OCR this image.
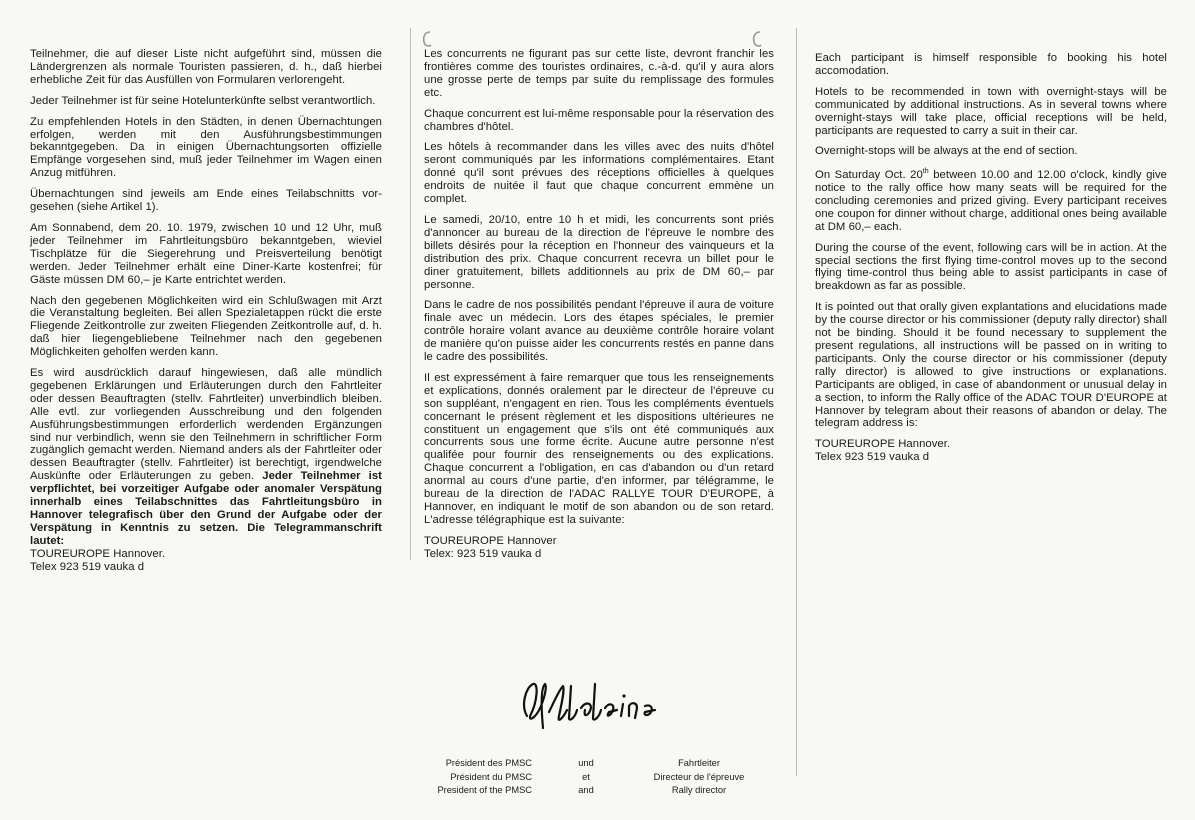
Teilnehmer, die auf dieser Liste nicht aufgeführt sind, müssen die Ländergrenzen als normale Touristen passieren, d. h., daß hierbei erhebliche Zeit für das Ausfüllen von Formularen verlorengeht.

Jeder Teilnehmer ist für seine Hotelunterkünfte selbst verantwortlich.

Zu empfehlenden Hotels in den Städten, in denen Übernachtungen erfolgen, werden mit den Ausführungsbestimmungen bekanntgegeben. Da in einigen Übernachtungsorten offizielle Empfänge vorgesehen sind, muß jeder Teilnehmer im Wagen einen Anzug mitführen.

Übernachtungen sind jeweils am Ende eines Teilabschnitts vorgesehen (siehe Artikel 1).

Am Sonnabend, dem 20. 10. 1979, zwischen 10 und 12 Uhr, muß jeder Teilnehmer im Fahrtleitungsbüro bekanntgeben, wieviel Tischplätze für die Siegerehrung und Preisverteilung benötigt werden. Jeder Teilnehmer erhält eine Diner-Karte kostenfrei; für Gäste müssen DM 60,– je Karte entrichtet werden.

Nach den gegebenen Möglichkeiten wird ein Schlußwagen mit Arzt die Veranstaltung begleiten. Bei allen Spezialetappen rückt die erste Fliegende Zeitkontrolle zur zweiten Fliegenden Zeitkontrolle auf, d. h. daß hier liegengebliebene Teilnehmer nach den gegebenen Möglichkeiten geholfen werden kann.

Es wird ausdrücklich darauf hingewiesen, daß alle mündlich gegebenen Erklärungen und Erläuterungen durch den Fahrtleiter oder dessen Beauftragten (stellv. Fahrtleiter) unverbindlich bleiben. Alle evtl. zur vorliegenden Ausschreibung und den folgenden Ausführungsbestimmungen erforderlich werdenden Ergänzungen sind nur verbindlich, wenn sie den Teilnehmern in schriftlicher Form zugänglich gemacht werden. Niemand anders als der Fahrtleiter oder dessen Beauftragter (stellv. Fahrtleiter) ist berechtigt, irgendwelche Auskünfte oder Erläuterungen zu geben. Jeder Teilnehmer ist verpflichtet, bei vorzeitiger Aufgabe oder anomaler Verspätung innerhalb eines Teilabschnittes das Fahrtleitungsbüro in Hannover telegrafisch über den Grund der Aufgabe oder der Verspätung in Kenntnis zu setzen. Die Telegrammanschrift lautet:

TOUREUROPE Hannover.
Telex 923 519 vauka d

Les concurrents ne figurant pas sur cette liste, devront franchir les frontières comme des touristes ordinaires, c.-à-d. qu'il y aura alors une grosse perte de temps par suite du remplissage des formules etc.

Chaque concurrent est lui-même responsable pour la réservation des chambres d'hôtel.

Les hôtels à recommander dans les villes avec des nuits d'hôtel seront communiqués par les informations complémentaires. Etant donné qu'il sont prévues des réceptions officielles à quelques endroits de nuitée il faut que chaque concurrent emmène un complet.

Le samedi, 20/10, entre 10 h et midi, les concurrents sont priés d'annoncer au bureau de la direction de l'épreuve le nombre des billets désirés pour la réception en l'honneur des vainqueurs et la distribution des prix. Chaque concurrent recevra un billet pour le diner gratuitement, billets additionnels au prix de DM 60,– par personne.

Dans le cadre de nos possibilités pendant l'épreuve il aura de voiture finale avec un médecin. Lors des étapes spéciales, le premier contrôle horaire volant avance au deuxième contrôle horaire volant de manière qu'on puisse aider les concurrents restés en panne dans le cadre des possibilités.

Il est expressément à faire remarquer que tous les renseignements et explications, donnés oralement par le directeur de l'épreuve cu son suppléant, n'engagent en rien. Tous les compléments éventuels concernant le présent règlement et les dispositions ultérieures ne constituent un engagement que s'ils ont été communiqués aux concurrents sous une forme écrite. Aucune autre personne n'est qualifée pour fournir des renseignements ou des explications. Chaque concurrent a l'obligation, en cas d'abandon ou d'un retard anormal au cours d'une partie, d'en informer, par télégramme, le bureau de la direction de l'ADAC RALLYE TOUR D'EUROPE, à Hannover, en indiquant le motif de son abandon ou de son retard. L'adresse télégraphique est la suivante:

TOUREUROPE Hannover
Telex: 923 519 vauka d

Each participant is himself responsible fo booking his hotel accomodation.

Hotels to be recommended in town with overnight-stays will be communicated by additional instructions. As in several towns where overnight-stays will take place, official receptions will be held, participants are requested to carry a suit in their car.

Overnight-stops will be always at the end of section.

On Saturday Oct. 20th between 10.00 and 12.00 o'clock, kindly give notice to the rally office how many seats will be required for the concluding ceremonies and prized giving. Every participant receives one coupon for dinner without charge, additional ones being available at DM 60,– each.

During the course of the event, following cars will be in action. At the special sections the first flying time-control moves up to the second flying time-control thus being able to assist participants in case of breakdown as far as possible.

It is pointed out that orally given explantations and elucidations made by the course director or his commissioner (deputy rally director) shall not be binding. Should it be found necessary to supplement the present regulations, all instructions will be passed on in writing to participants. Only the course director or his commissioner (deputy rally director) is allowed to give instructions or explanations. Participants are obliged, in case of abandonment or unusual delay in a section, to inform the Rally office of the ADAC TOUR D'EUROPE at Hannover by telegram about their reasons of abandon or delay. The telegram address is:

TOUREUROPE Hannover.
Telex 923 519 vauka d
Président des PMSC
Président du PMSC
President of the PMSC
und
et
and
Fahrtleiter
Directeur de l'épreuve
Rally director
